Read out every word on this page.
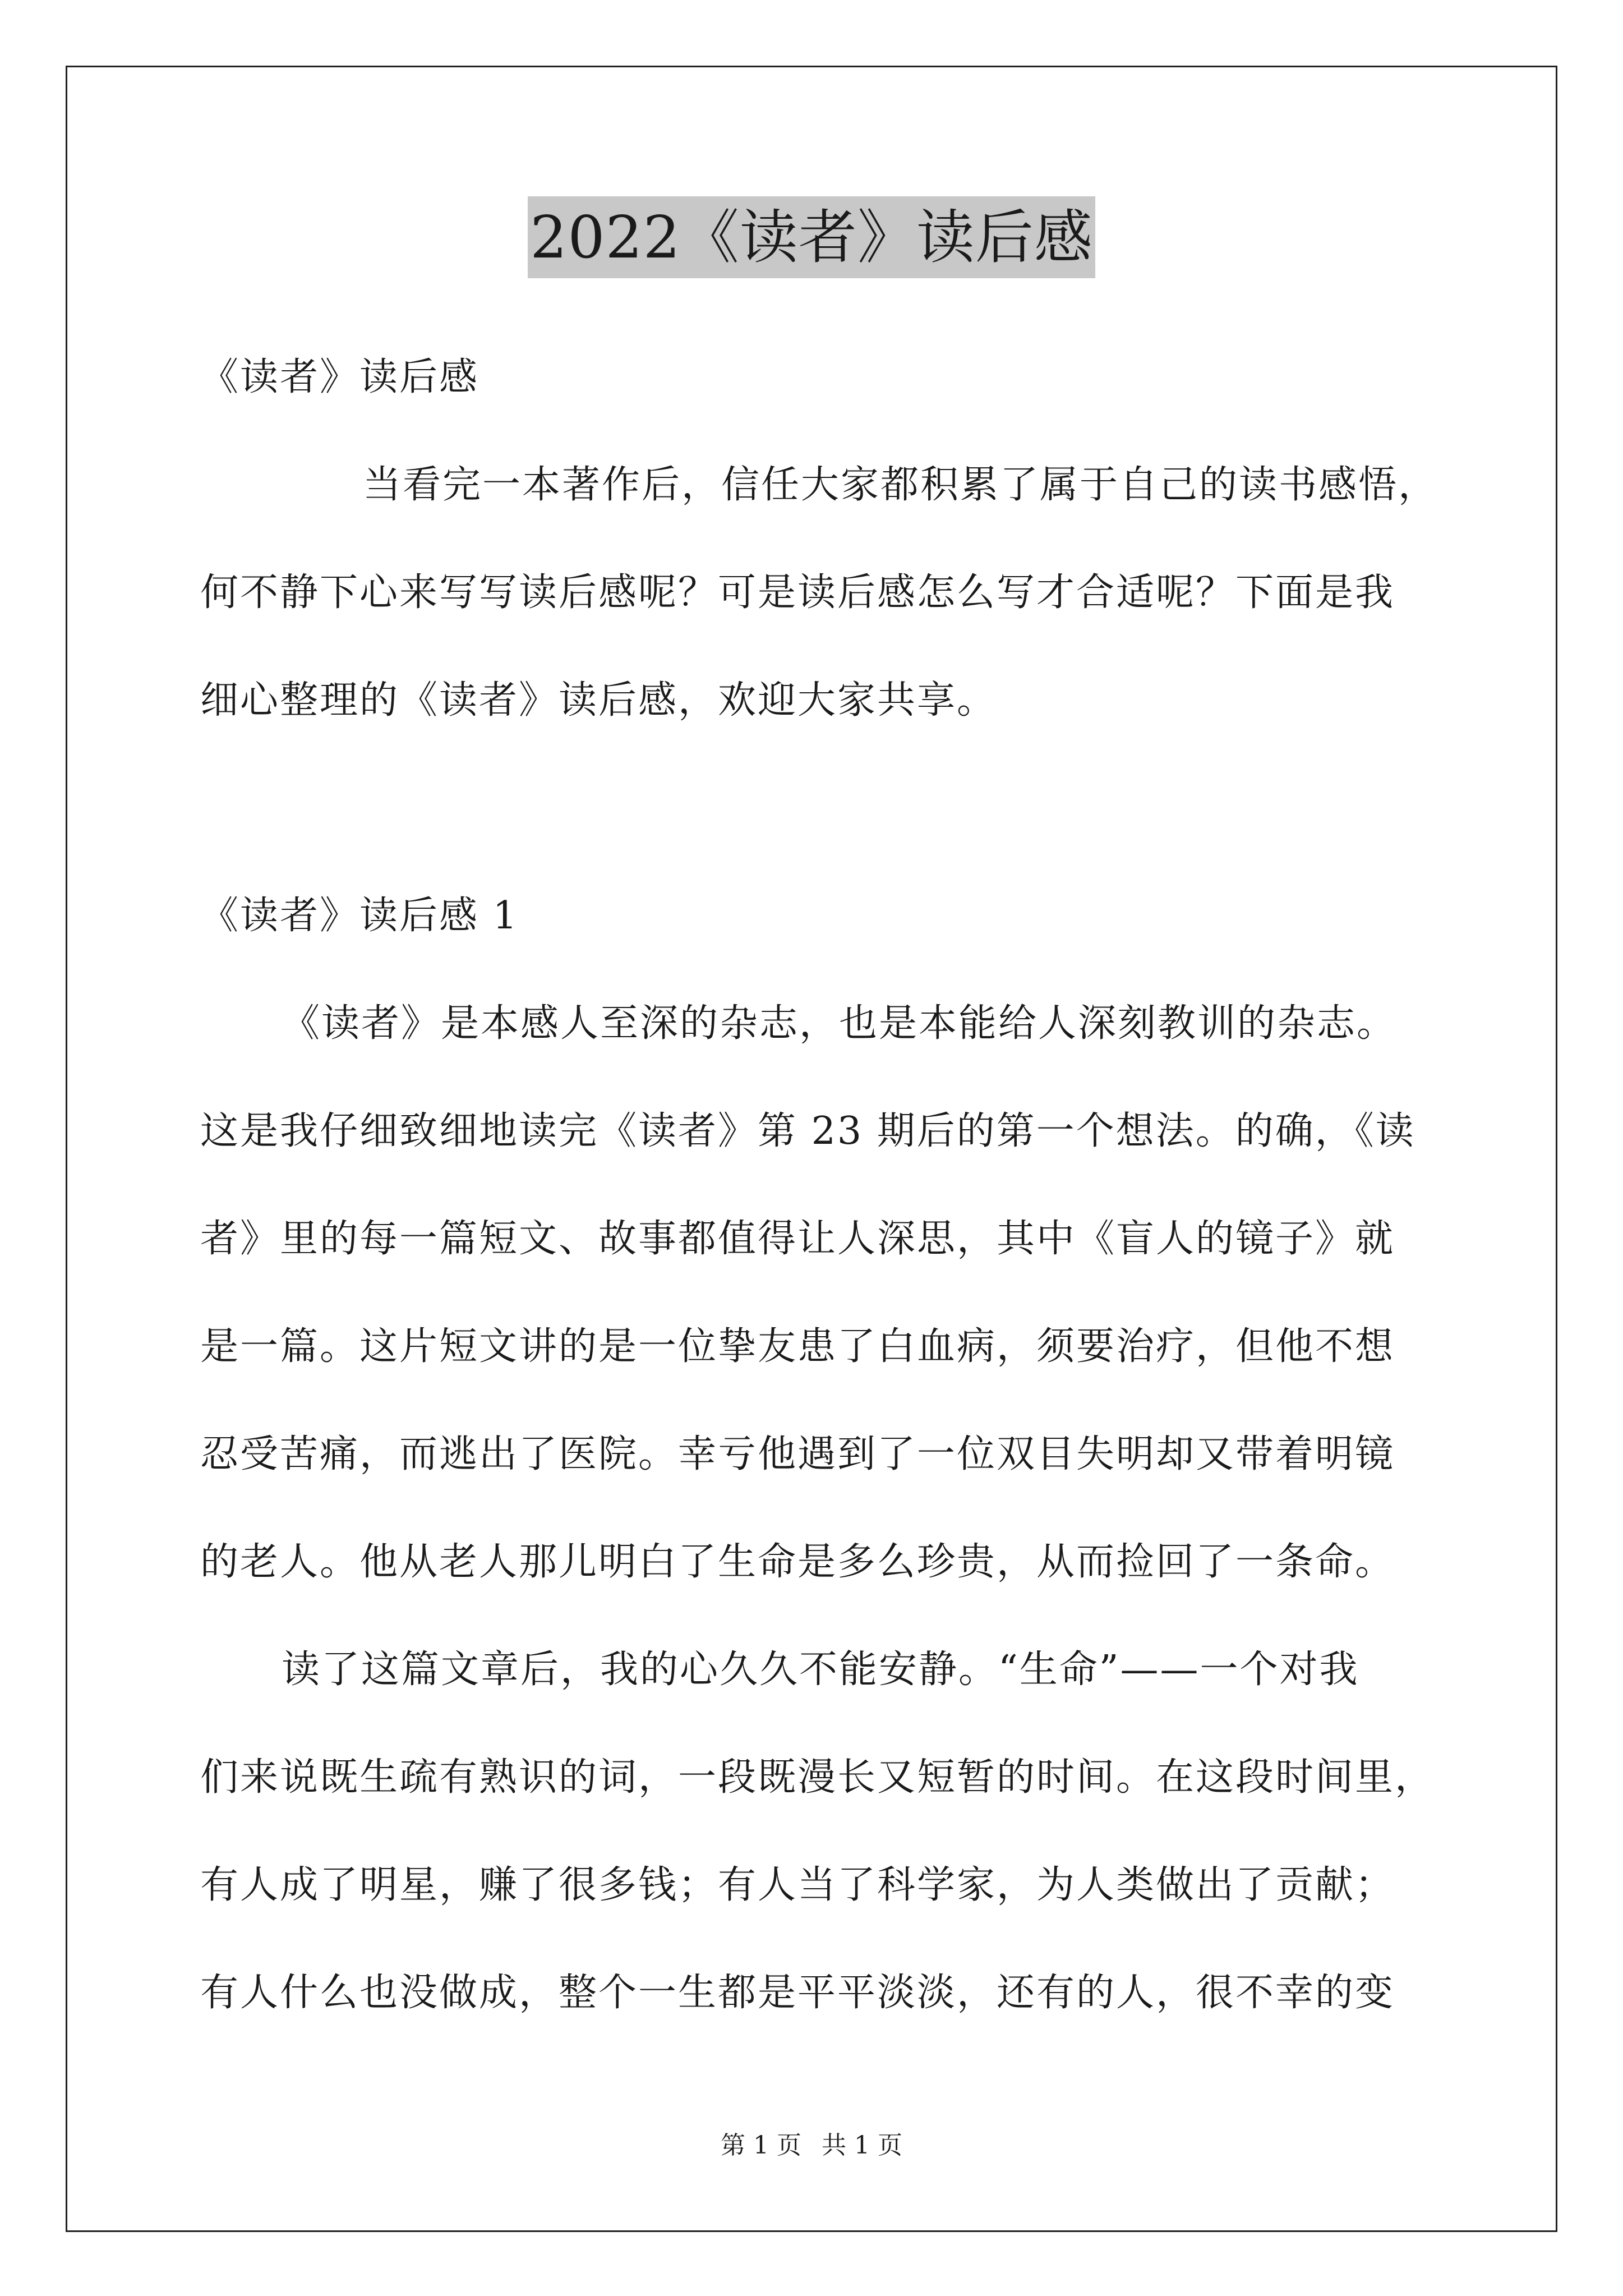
2022《读者》读后感
《读者》读后感
当看完一本著作后，信任大家都积累了属于自己的读书感悟，
何不静下心来写写读后感呢？可是读后感怎么写才合适呢？下面是我
细心整理的《读者》读后感，欢迎大家共享。
《读者》读后感 1
《读者》是本感人至深的杂志，也是本能给人深刻教训的杂志。
这是我仔细致细地读完《读者》第 23 期后的第一个想法。的确，《读
者》里的每一篇短文、故事都值得让人深思，其中《盲人的镜子》就
是一篇。这片短文讲的是一位挚友患了白血病，须要治疗，但他不想
忍受苦痛，而逃出了医院。幸亏他遇到了一位双目失明却又带着明镜
的老人。他从老人那儿明白了生命是多么珍贵，从而捡回了一条命。
读了这篇文章后，我的心久久不能安静。“生命”——一个对我
们来说既生疏有熟识的词，一段既漫长又短暂的时间。在这段时间里，
有人成了明星，赚了很多钱；有人当了科学家，为人类做出了贡献；
有人什么也没做成，整个一生都是平平淡淡，还有的人，很不幸的变
第 1 页 共 1 页
